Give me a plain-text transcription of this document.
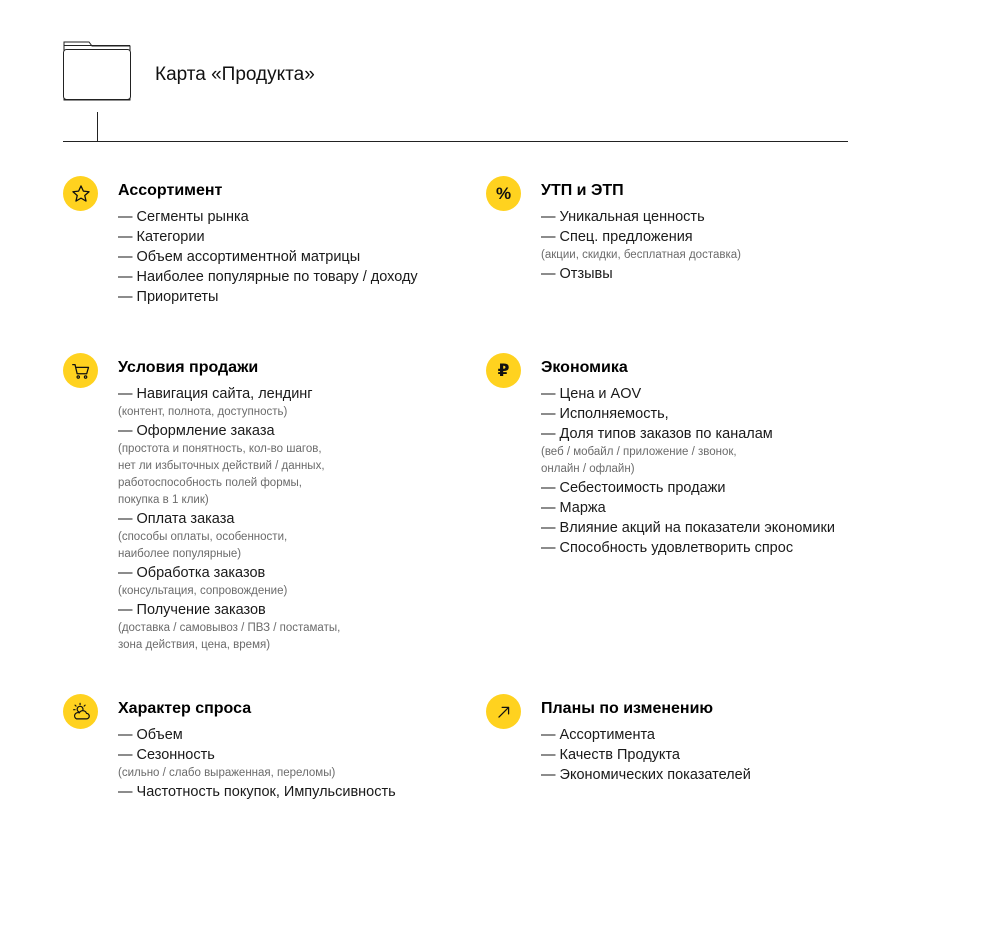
Карта «Продукта»
Ассортимент
— Сегменты рынка
— Категории
— Объем ассортиментной матрицы
— Наиболее популярные по товару / доходу
— Приоритеты
% УТП и ЭТП
— Уникальная ценность
— Спец. предложения
(акции, скидки, бесплатная доставка)
— Отзывы
Условия продажи
— Навигация сайта, лендинг
(контент, полнота, доступность)
— Оформление заказа
(простота и понятность, кол-во шагов,
нет ли избыточных действий / данных,
работоспособность полей формы,
покупка в 1 клик)
— Оплата заказа
(способы оплаты, особенности,
наиболее популярные)
— Обработка заказов
(консультация, сопровождение)
— Получение заказов
(доставка / самовывоз / ПВЗ / постаматы,
зона действия, цена, время)
₽ Экономика
— Цена и AOV
— Исполняемость,
— Доля типов заказов по каналам
(веб / мобайл / приложение / звонок,
онлайн / офлайн)
— Себестоимость продажи
— Маржа
— Влияние акций на показатели экономики
— Способность удовлетворить спрос
Характер спроса
— Объем
— Сезонность
(сильно / слабо выраженная, переломы)
— Частотность покупок, Импульсивность
Планы по изменению
— Ассортимента
— Качеств Продукта
— Экономических показателей
